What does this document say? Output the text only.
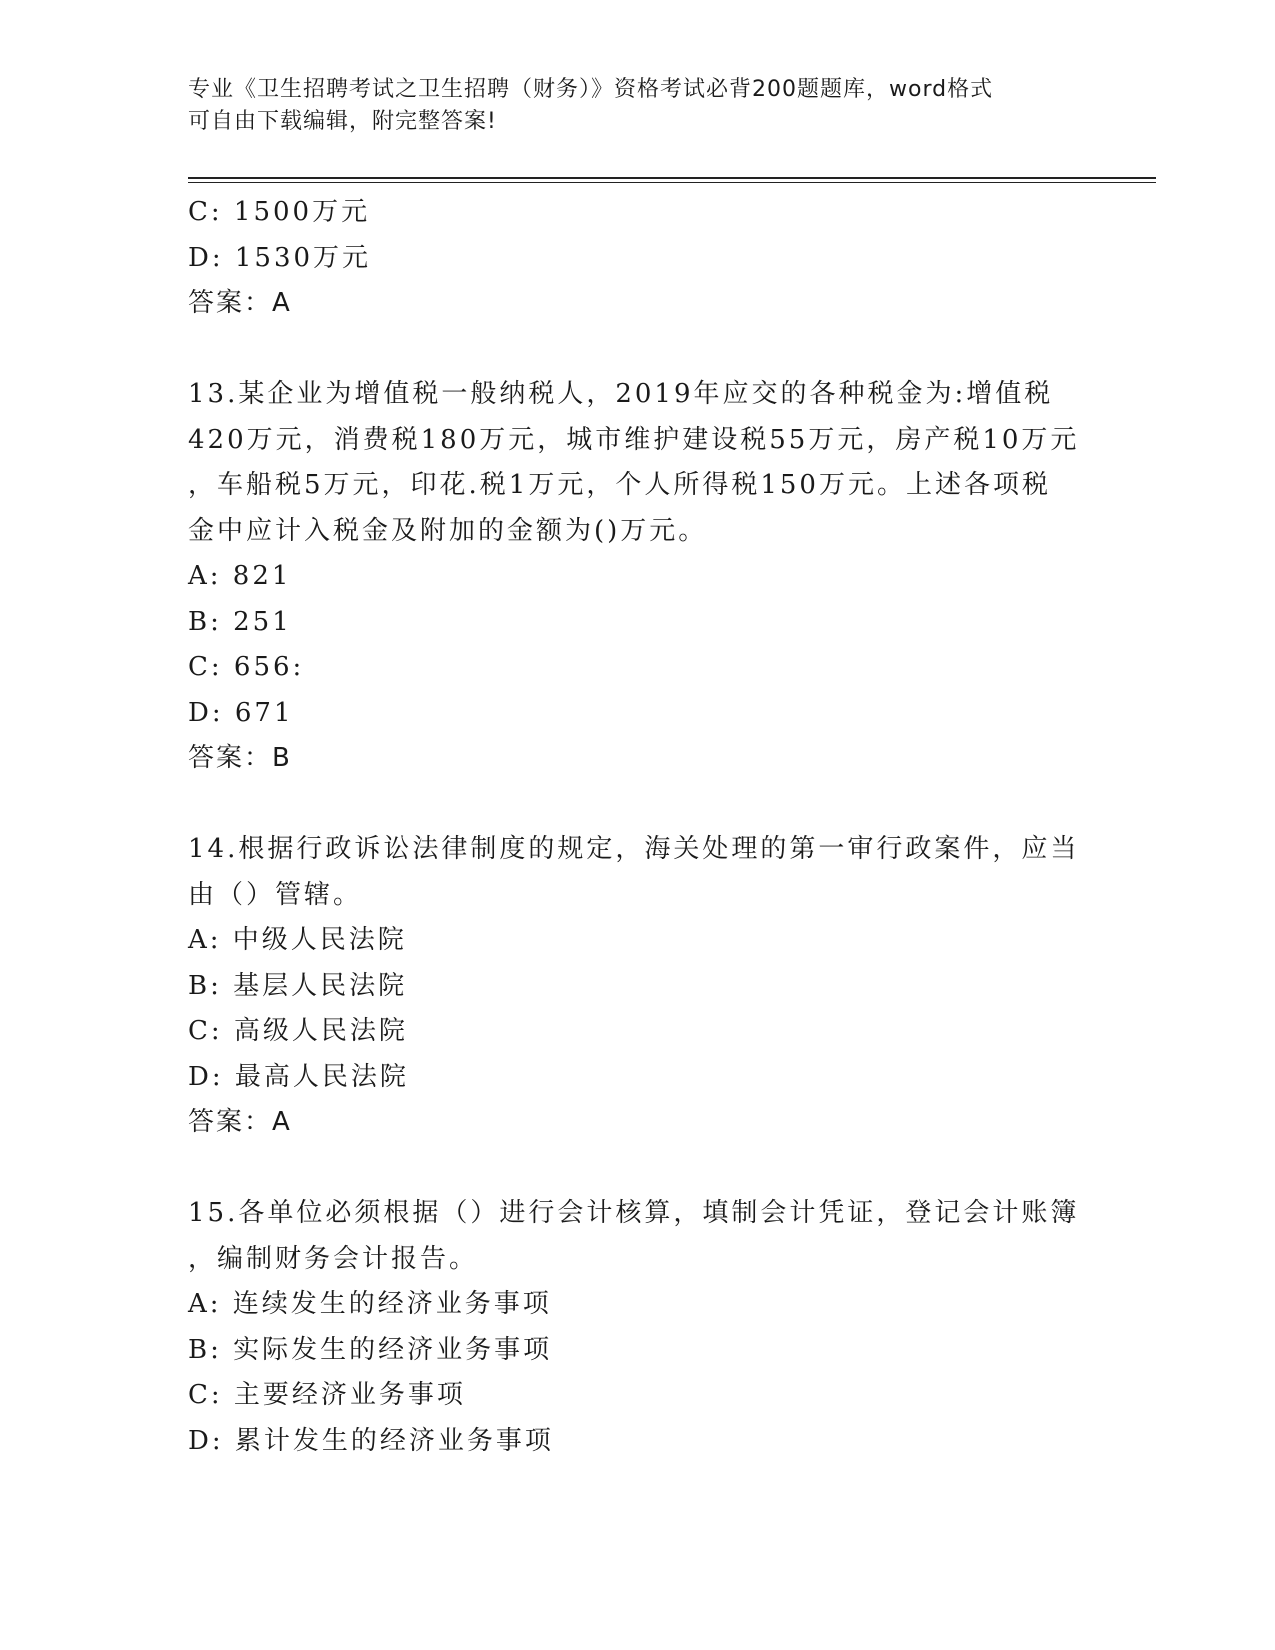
专业《卫生招聘考试之卫生招聘（财务）》资格考试必背200题题库，word格式
可自由下载编辑，附完整答案!
C: 1500万元
D: 1530万元
答案：A
13.某企业为增值税一般纳税人，2019年应交的各种税金为:增值税
420万元，消费税180万元，城市维护建设税55万元，房产税10万元
，车船税5万元，印花.税1万元，个人所得税150万元。上述各项税
金中应计入税金及附加的金额为()万元。
A: 821
B: 251
C: 656:
D: 671
答案：B
14.根据行政诉讼法律制度的规定，海关处理的第一审行政案件，应当
由（）管辖。
A: 中级人民法院
B: 基层人民法院
C: 高级人民法院
D: 最高人民法院
答案：A
15.各单位必须根据（）进行会计核算，填制会计凭证，登记会计账簿
，编制财务会计报告。
A: 连续发生的经济业务事项
B: 实际发生的经济业务事项
C: 主要经济业务事项
D: 累计发生的经济业务事项
